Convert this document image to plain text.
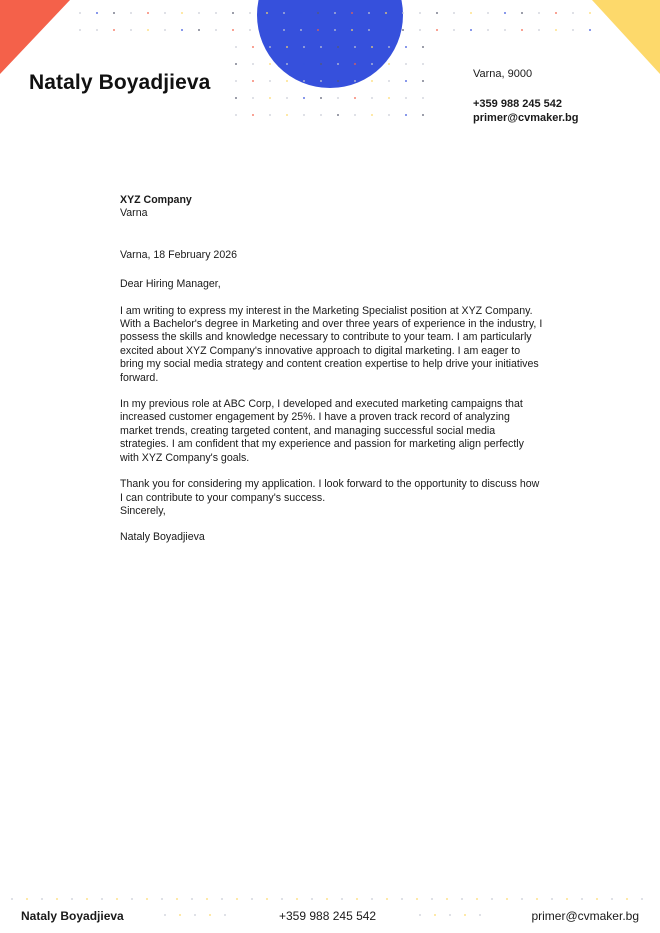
Nataly Boyadjieva	Varna, 9000
+359 988 245 542
primer@cvmaker.bg

XYZ Company

Varna

Varna, 18 February 2026

Dear Hiring Manager,

I am writing to express my interest in the Marketing Specialist position at XYZ Company. With a Bachelor's degree in Marketing and over three years of experience in the industry, I possess the skills and knowledge necessary to contribute to your team. I am particularly excited about XYZ Company's innovative approach to digital marketing. I am eager to bring my social media strategy and content creation expertise to help drive your initiatives forward.

In my previous role at ABC Corp, I developed and executed marketing campaigns that increased customer engagement by 25%. I have a proven track record of analyzing market trends, creating targeted content, and managing successful social media strategies. I am confident that my experience and passion for marketing align perfectly with XYZ Company's goals.

Thank you for considering my application. I look forward to the opportunity to discuss how I can contribute to your company's success.

Sincerely,

Nataly Boyadjieva

Nataly Boyadjieva	+359 988 245 542	primer@cvmaker.bg
